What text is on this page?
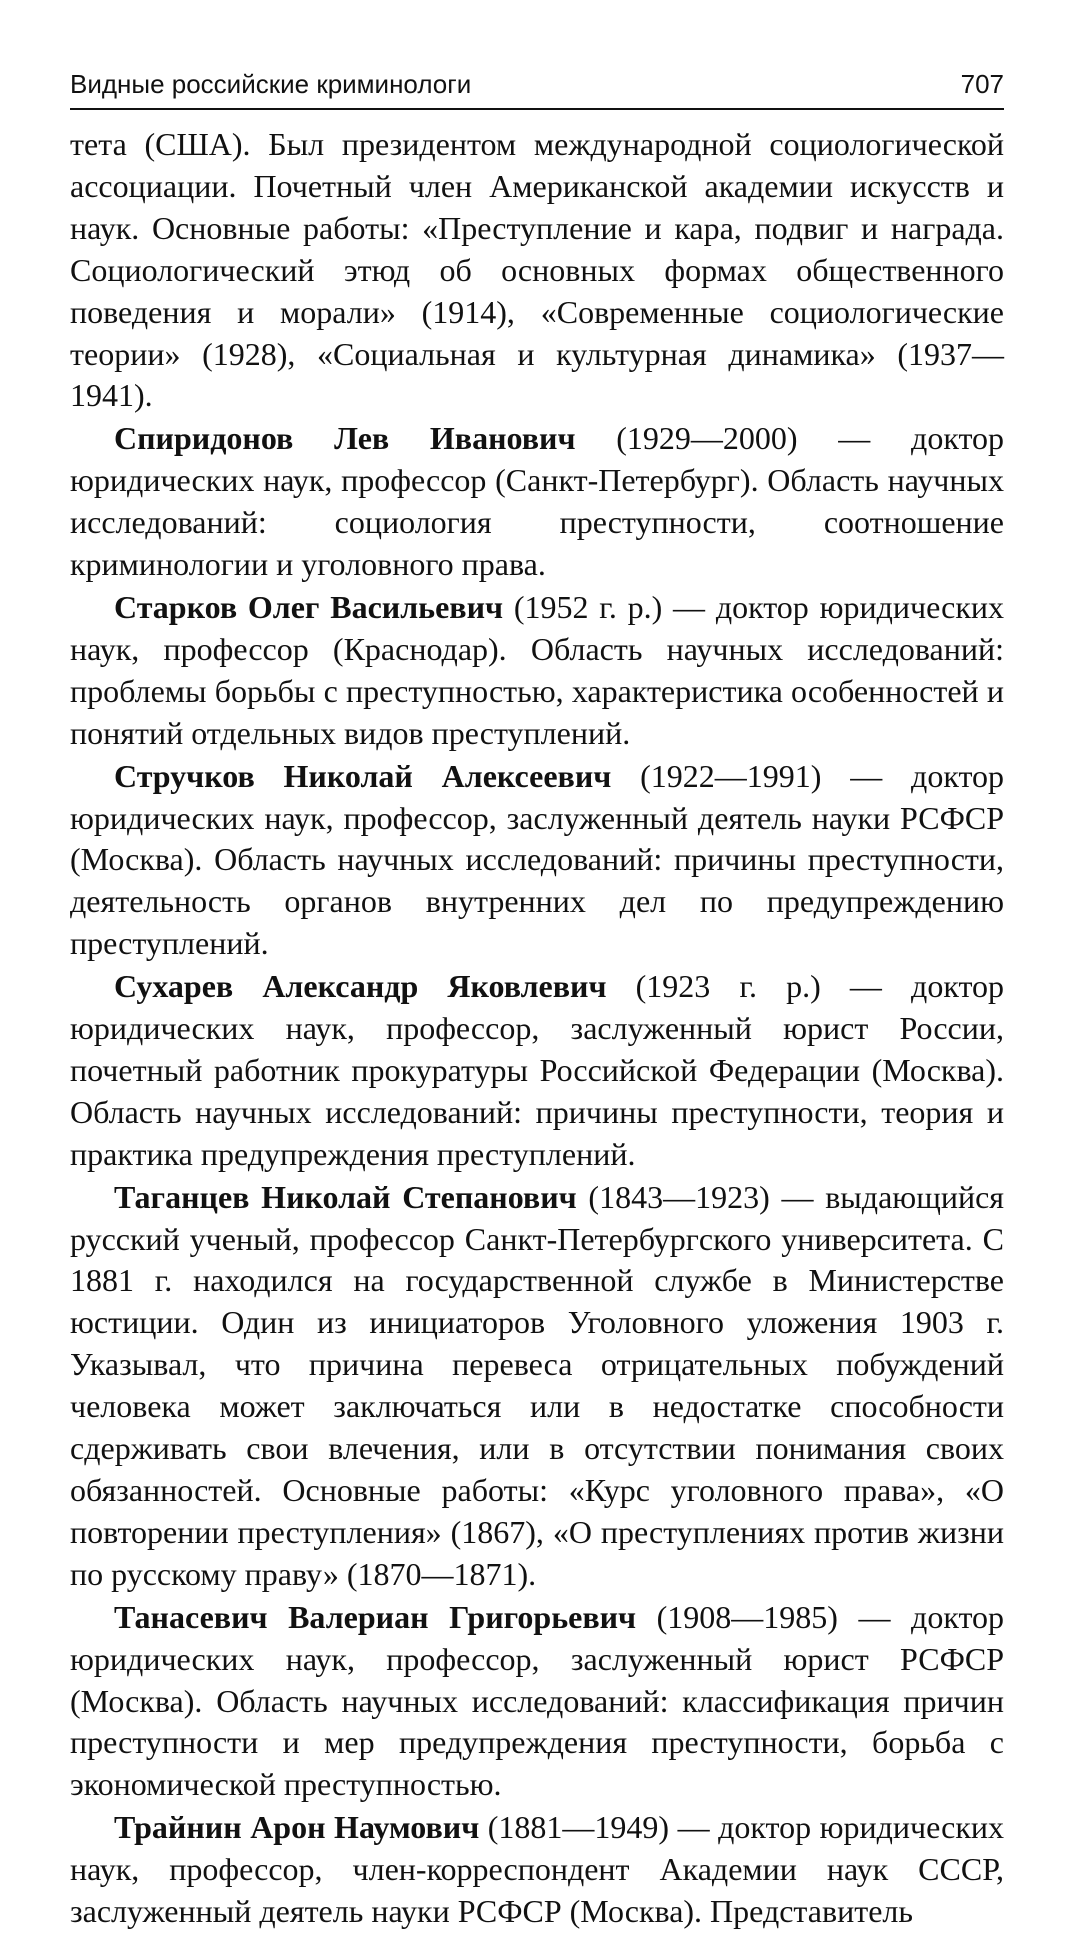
Видные российские криминологи	707

тета (США). Был президентом международной социологической ассоциации. Почетный член Американской академии искусств и наук. Основные работы: «Преступление и кара, подвиг и награда. Социологический этюд об основных формах общественного поведения и морали» (1914), «Современные социологические теории» (1928), «Социальная и культурная динамика» (1937—1941).

Спиридонов Лев Иванович (1929—2000) — доктор юридических наук, профессор (Санкт-Петербург). Область научных исследований: социология преступности, соотношение криминологии и уголовного права.

Старков Олег Васильевич (1952 г. р.) — доктор юридических наук, профессор (Краснодар). Область научных исследований: проблемы борьбы с преступностью, характеристика особенностей и понятий отдельных видов преступлений.

Стручков Николай Алексеевич (1922—1991) — доктор юридических наук, профессор, заслуженный деятель науки РСФСР (Москва). Область научных исследований: причины преступности, деятельность органов внутренних дел по предупреждению преступлений.

Сухарев Александр Яковлевич (1923 г. р.) — доктор юридических наук, профессор, заслуженный юрист России, почетный работник прокуратуры Российской Федерации (Москва). Область научных исследований: причины преступности, теория и практика предупреждения преступлений.

Таганцев Николай Степанович (1843—1923) — выдающийся русский ученый, профессор Санкт-Петербургского университета. С 1881 г. находился на государственной службе в Министерстве юстиции. Один из инициаторов Уголовного уложения 1903 г. Указывал, что причина перевеса отрицательных побуждений человека может заключаться или в недостатке способности сдерживать свои влечения, или в отсутствии понимания своих обязанностей. Основные работы: «Курс уголовного права», «О повторении преступления» (1867), «О преступлениях против жизни по русскому праву» (1870—1871).

Танасевич Валериан Григорьевич (1908—1985) — доктор юридических наук, профессор, заслуженный юрист РСФСР (Москва). Область научных исследований: классификация причин преступности и мер предупреждения преступности, борьба с экономической преступностью.

Трайнин Арон Наумович (1881—1949) — доктор юридических наук, профессор, член-корреспондент Академии наук СССР, заслуженный деятель науки РСФСР (Москва). Представитель
